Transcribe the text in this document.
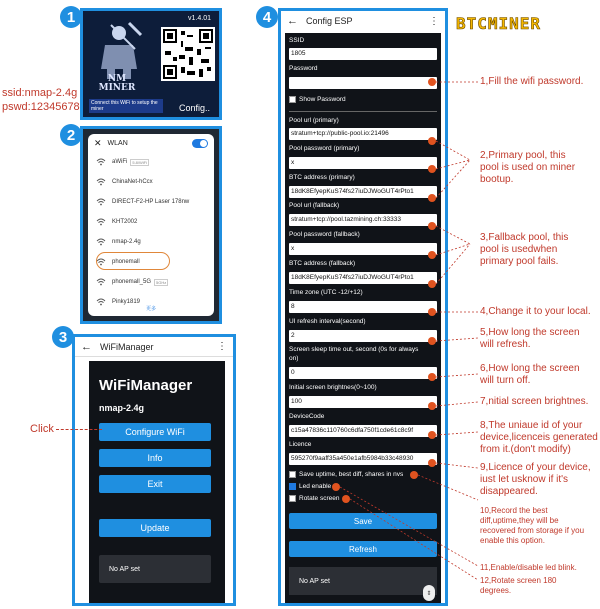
BTCMINER
1
2
3
4
v1.4.01
NM
MINER
Connect this WiFi to setup the miner	Config..
ssid:nmap-2.4g
pswd:12345678
✕ WLAN
aWiFi	5.8/WiFi
ChinaNet-hCcx
DIRECT-F2-HP Laser 178nw
KHT2002
nmap-2.4g
phonemall
phonemall_5G	5GHz
Pinky1819
更多
← WiFiManager	⋮
WiFiManager
nmap-2.4g
Configure WiFi
Info
Exit
Update
No AP set
Click
← Config ESP	⋮
SSID
1805
Password
Show Password
Pool url (primary)
stratum+tcp://public-pool.io:21496
Pool password (primary)
x
BTC address (primary)
18dK8EfyepKuS74fs27iuDJWoGUT4rPto1
Pool url (fallback)
stratum+tcp://pool.tazmining.ch:33333
Pool password (fallback)
x
BTC address (fallback)
18dK8EfyepKuS74fs27iuDJWoGUT4rPto1
Time zone (UTC -12/+12)
8
UI refresh interval(second)
2
Screen sleep time out, second (0s for always
on)
0
Initial screen brightnes(0~100)
100
DeviceCode
c15a47836c110760c6dfa750f1cde61c8c9f
Licence
595270f9aaff35a450e1afb5984b33c48930
Save uptime, best diff, shares in nvs
Led enable
Rotate screen
Save
Refresh
No AP set
⇕
1,Fill the wifi password.
2,Primary pool, this
pool is used on miner
bootup.
3,Fallback pool, this
pool is usedwhen
primary pool fails.
4,Change it to your local.
5,How long the screen
will refresh.
6,How long the screen
will turn off.
7,nitial screen brightnes.
8,The uniaue id of your
device,licenceis generated
from it.(don't modify)
9,Licence of your device,
iust let usknow if it's
disappeared.
10,Record the best
diff,uptime,they will be
recovered from storage if you
enable this option.
11,Enable/disable led blink.
12,Rotate screen 180
degrees.
